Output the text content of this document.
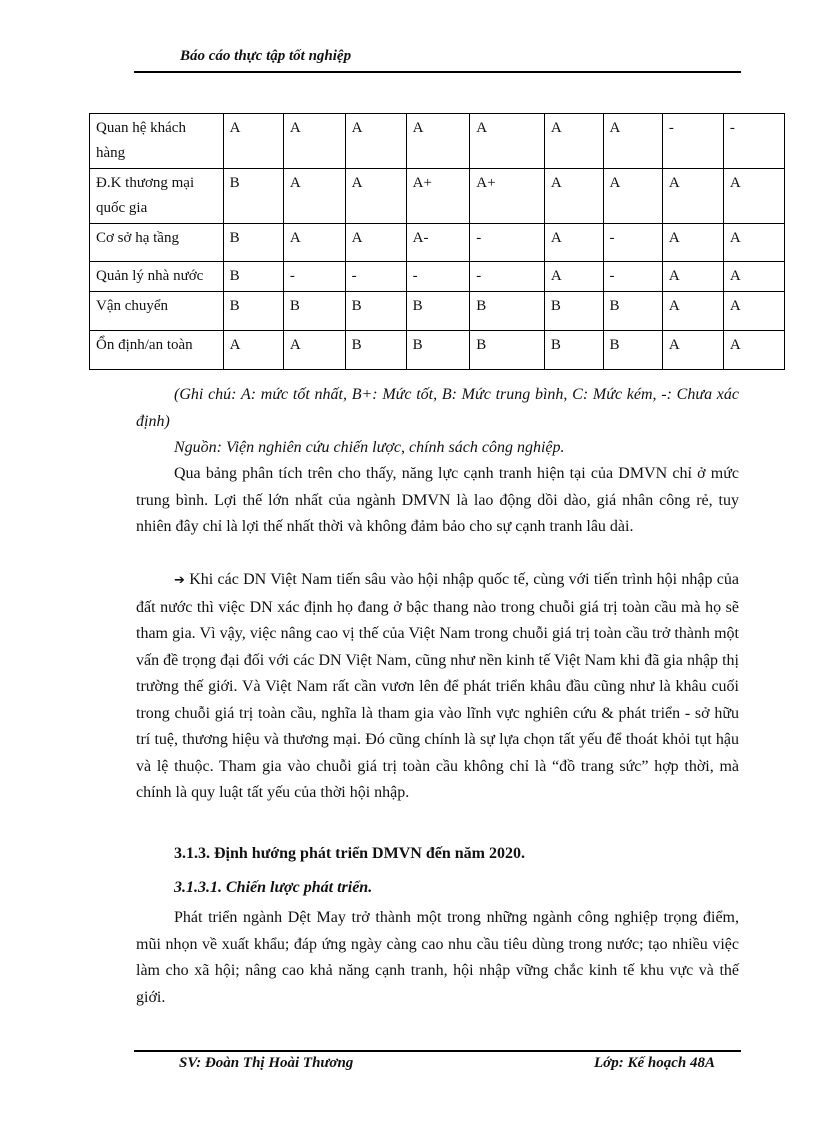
Báo cáo thực tập tốt nghiệp
Quan hệ khách hàng	A	A	A	A	A	A	A	-	-
Đ.K thương mại quốc gia	B	A	A	A+	A+	A	A	A	A
Cơ sở hạ tầng	B	A	A	A-	-	A	-	A	A
Quản lý nhà nước	B	-	-	-	-	A	-	A	A
Vận chuyển	B	B	B	B	B	B	B	A	A
Ổn định/an toàn	A	A	B	B	B	B	B	A	A

(Ghi chú: A: mức tốt nhất, B+: Mức tốt, B: Mức trung bình, C: Mức kém, -: Chưa xác định)

Nguồn: Viện nghiên cứu chiến lược, chính sách công nghiệp.

Qua bảng phân tích trên cho thấy, năng lực cạnh tranh hiện tại của DMVN chỉ ở mức trung bình. Lợi thế lớn nhất của ngành DMVN là lao động dồi dào, giá nhân công rẻ, tuy nhiên đây chỉ là lợi thế nhất thời và không đảm bảo cho sự cạnh tranh lâu dài.

➔ Khi các DN Việt Nam tiến sâu vào hội nhập quốc tế, cùng với tiến trình hội nhập của đất nước thì việc DN xác định họ đang ở bậc thang nào trong chuỗi giá trị toàn cầu mà họ sẽ tham gia. Vì vậy, việc nâng cao vị thế của Việt Nam trong chuỗi giá trị toàn cầu trở thành một vấn đề trọng đại đối với các DN Việt Nam, cũng như nền kinh tế Việt Nam khi đã gia nhập thị trường thế giới. Và Việt Nam rất cần vươn lên để phát triển khâu đầu cũng như là khâu cuối trong chuỗi giá trị toàn cầu, nghĩa là tham gia vào lĩnh vực nghiên cứu & phát triển - sở hữu trí tuệ, thương hiệu và thương mại. Đó cũng chính là sự lựa chọn tất yếu để thoát khỏi tụt hậu và lệ thuộc. Tham gia vào chuỗi giá trị toàn cầu không chỉ là “đồ trang sức” hợp thời, mà chính là quy luật tất yếu của thời hội nhập.

3.1.3. Định hướng phát triển DMVN đến năm 2020.
3.1.3.1. Chiến lược phát triển.

Phát triển ngành Dệt May trở thành một trong những ngành công nghiệp trọng điểm, mũi nhọn về xuất khẩu; đáp ứng ngày càng cao nhu cầu tiêu dùng trong nước; tạo nhiều việc làm cho xã hội; nâng cao khả năng cạnh tranh, hội nhập vững chắc kinh tế khu vực và thế giới.

SV: Đoàn Thị Hoài Thương	Lớp: Kế hoạch 48A
